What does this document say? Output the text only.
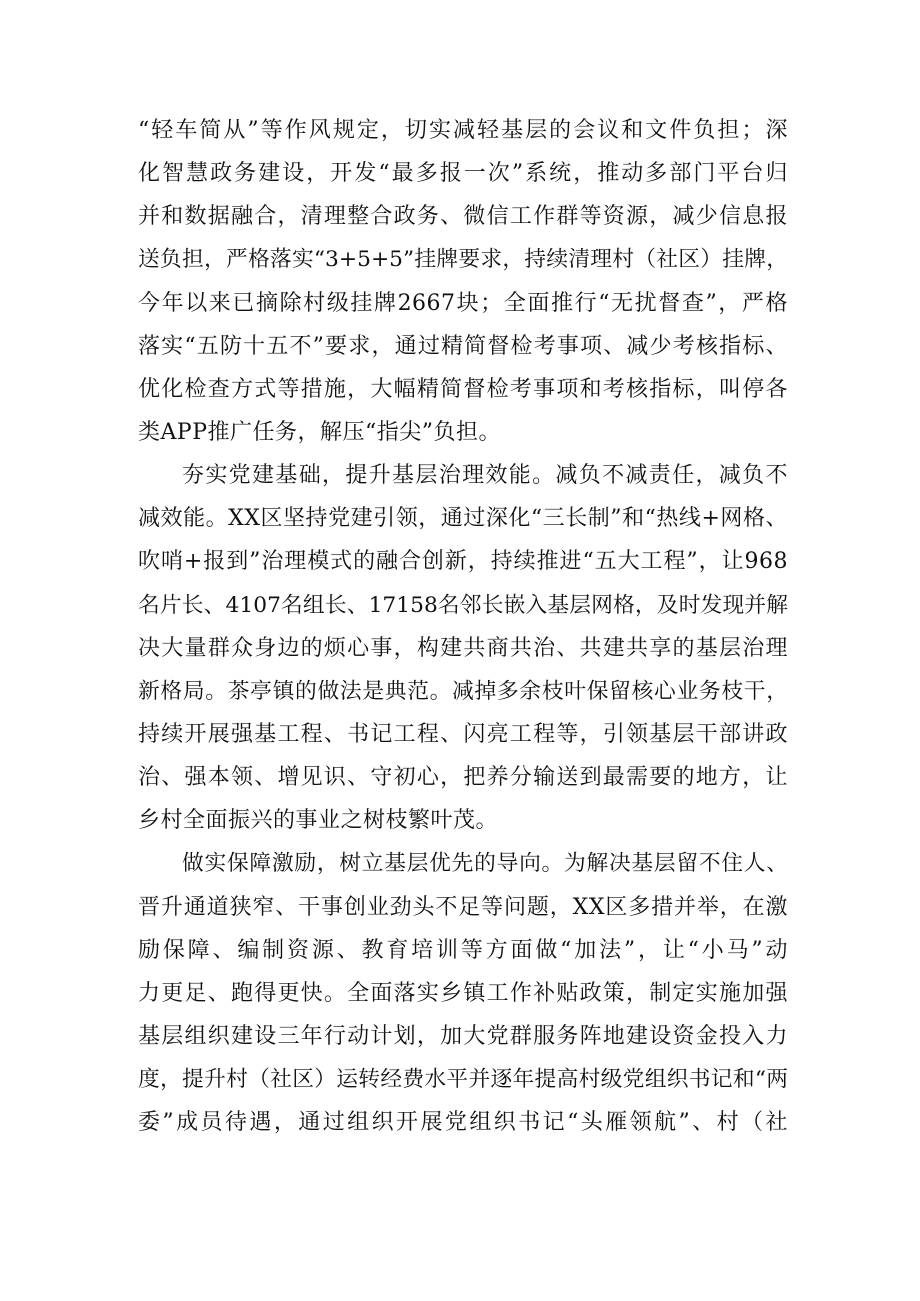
“轻车简从”等作风规定，切实减轻基层的会议和文件负担；深
化智慧政务建设，开发“最多报一次”系统，推动多部门平台归
并和数据融合，清理整合政务、微信工作群等资源，减少信息报
送负担，严格落实“3+5+5”挂牌要求，持续清理村（社区）挂牌，
今年以来已摘除村级挂牌2667块；全面推行“无扰督查”，严格
落实“五防十五不”要求，通过精简督检考事项、减少考核指标、
优化检查方式等措施，大幅精简督检考事项和考核指标，叫停各
类APP推广任务，解压“指尖”负担。
夯实党建基础，提升基层治理效能。减负不减责任，减负不
减效能。XX区坚持党建引领，通过深化“三长制”和“热线+网格、
吹哨+报到”治理模式的融合创新，持续推进“五大工程”，让968
名片长、4107名组长、17158名邻长嵌入基层网格，及时发现并解
决大量群众身边的烦心事，构建共商共治、共建共享的基层治理
新格局。茶亭镇的做法是典范。减掉多余枝叶保留核心业务枝干，
持续开展强基工程、书记工程、闪亮工程等，引领基层干部讲政
治、强本领、增见识、守初心，把养分输送到最需要的地方，让
乡村全面振兴的事业之树枝繁叶茂。
做实保障激励，树立基层优先的导向。为解决基层留不住人、
晋升通道狭窄、干事创业劲头不足等问题，XX区多措并举，在激
励保障、编制资源、教育培训等方面做“加法”，让“小马”动
力更足、跑得更快。全面落实乡镇工作补贴政策，制定实施加强
基层组织建设三年行动计划，加大党群服务阵地建设资金投入力
度，提升村（社区）运转经费水平并逐年提高村级党组织书记和“两
委”成员待遇，通过组织开展党组织书记“头雁领航”、村（社
